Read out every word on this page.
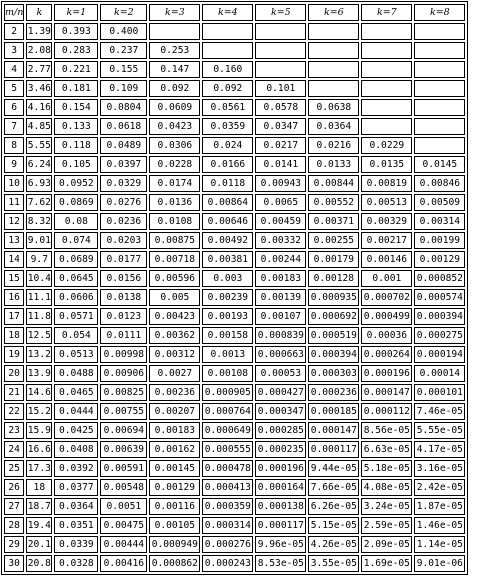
m/n	k	k=1	k=2	k=3	k=4	k=5	k=6	k=7	k=8
2	1.39	0.393	0.400						
3	2.08	0.283	0.237	0.253					
4	2.77	0.221	0.155	0.147	0.160				
5	3.46	0.181	0.109	0.092	0.092	0.101			
6	4.16	0.154	0.0804	0.0609	0.0561	0.0578	0.0638		
7	4.85	0.133	0.0618	0.0423	0.0359	0.0347	0.0364		
8	5.55	0.118	0.0489	0.0306	0.024	0.0217	0.0216	0.0229	
9	6.24	0.105	0.0397	0.0228	0.0166	0.0141	0.0133	0.0135	0.0145
10	6.93	0.0952	0.0329	0.0174	0.0118	0.00943	0.00844	0.00819	0.00846
11	7.62	0.0869	0.0276	0.0136	0.00864	0.0065	0.00552	0.00513	0.00509
12	8.32	0.08	0.0236	0.0108	0.00646	0.00459	0.00371	0.00329	0.00314
13	9.01	0.074	0.0203	0.00875	0.00492	0.00332	0.00255	0.00217	0.00199
14	9.7	0.0689	0.0177	0.00718	0.00381	0.00244	0.00179	0.00146	0.00129
15	10.4	0.0645	0.0156	0.00596	0.003	0.00183	0.00128	0.001	0.000852
16	11.1	0.0606	0.0138	0.005	0.00239	0.00139	0.000935	0.000702	0.000574
17	11.8	0.0571	0.0123	0.00423	0.00193	0.00107	0.000692	0.000499	0.000394
18	12.5	0.054	0.0111	0.00362	0.00158	0.000839	0.000519	0.00036	0.000275
19	13.2	0.0513	0.00998	0.00312	0.0013	0.000663	0.000394	0.000264	0.000194
20	13.9	0.0488	0.00906	0.0027	0.00108	0.00053	0.000303	0.000196	0.00014
21	14.6	0.0465	0.00825	0.00236	0.000905	0.000427	0.000236	0.000147	0.000101
22	15.2	0.0444	0.00755	0.00207	0.000764	0.000347	0.000185	0.000112	7.46e-05
23	15.9	0.0425	0.00694	0.00183	0.000649	0.000285	0.000147	8.56e-05	5.55e-05
24	16.6	0.0408	0.00639	0.00162	0.000555	0.000235	0.000117	6.63e-05	4.17e-05
25	17.3	0.0392	0.00591	0.00145	0.000478	0.000196	9.44e-05	5.18e-05	3.16e-05
26	18	0.0377	0.00548	0.00129	0.000413	0.000164	7.66e-05	4.08e-05	2.42e-05
27	18.7	0.0364	0.0051	0.00116	0.000359	0.000138	6.26e-05	3.24e-05	1.87e-05
28	19.4	0.0351	0.00475	0.00105	0.000314	0.000117	5.15e-05	2.59e-05	1.46e-05
29	20.1	0.0339	0.00444	0.000949	0.000276	9.96e-05	4.26e-05	2.09e-05	1.14e-05
30	20.8	0.0328	0.00416	0.000862	0.000243	8.53e-05	3.55e-05	1.69e-05	9.01e-06
